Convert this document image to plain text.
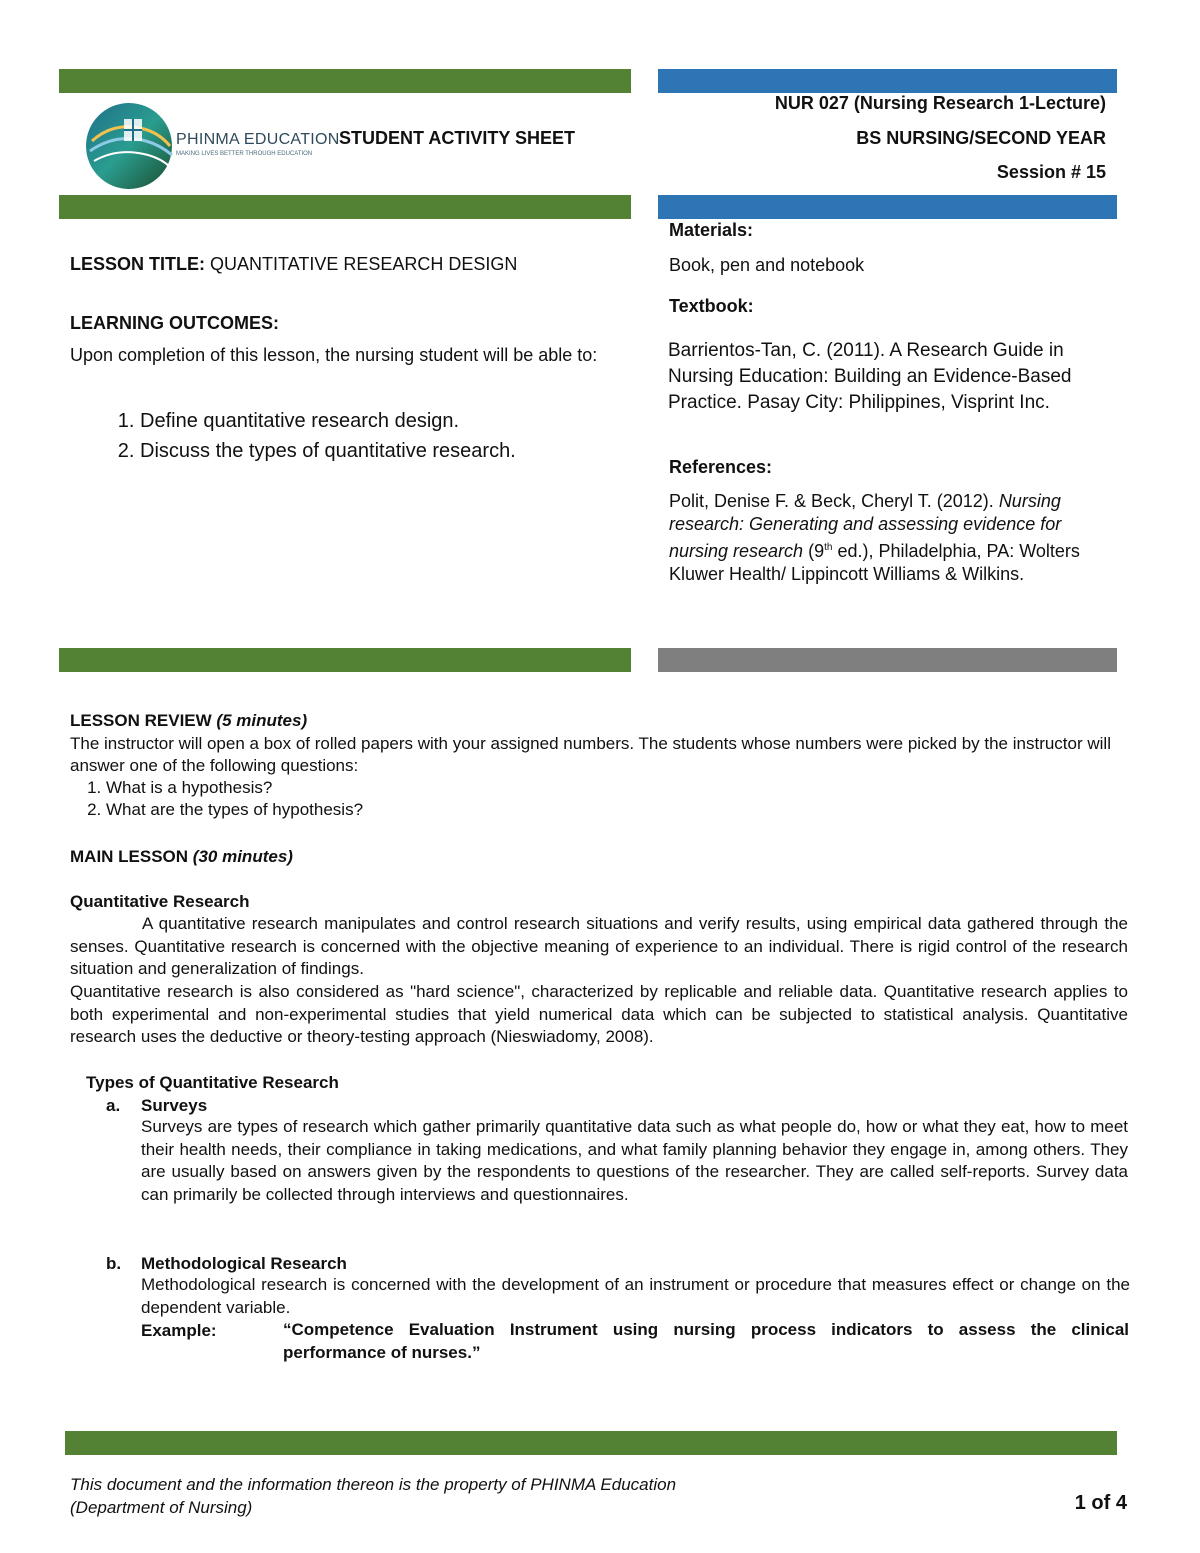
PHINMA EDUCATION
MAKING LIVES BETTER THROUGH EDUCATION
STUDENT ACTIVITY SHEET
NUR 027 (Nursing Research 1-Lecture)
BS NURSING/SECOND YEAR
Session # 15
LESSON TITLE: QUANTITATIVE RESEARCH DESIGN
LEARNING OUTCOMES:
Upon completion of this lesson, the nursing student will be able to:
1. Define quantitative research design.
2. Discuss the types of quantitative research.
Materials:
Book, pen and notebook
Textbook:
Barrientos-Tan, C. (2011). A Research Guide in Nursing Education: Building an Evidence-Based Practice. Pasay City: Philippines, Visprint Inc.
References:
Polit, Denise F. & Beck, Cheryl T. (2012). Nursing research: Generating and assessing evidence for nursing research (9th ed.), Philadelphia, PA: Wolters Kluwer Health/ Lippincott Williams & Wilkins.
LESSON REVIEW (5 minutes)
The instructor will open a box of rolled papers with your assigned numbers. The students whose numbers were picked by the instructor will answer one of the following questions:
1. What is a hypothesis?
2. What are the types of hypothesis?
MAIN LESSON (30 minutes)
Quantitative Research
A quantitative research manipulates and control research situations and verify results, using empirical data gathered through the senses. Quantitative research is concerned with the objective meaning of experience to an individual. There is rigid control of the research situation and generalization of findings.
Quantitative research is also considered as "hard science", characterized by replicable and reliable data. Quantitative research applies to both experimental and non-experimental studies that yield numerical data which can be subjected to statistical analysis. Quantitative research uses the deductive or theory-testing approach (Nieswiadomy, 2008).
Types of Quantitative Research
a. Surveys
Surveys are types of research which gather primarily quantitative data such as what people do, how or what they eat, how to meet their health needs, their compliance in taking medications, and what family planning behavior they engage in, among others. They are usually based on answers given by the respondents to questions of the researcher. They are called self-reports. Survey data can primarily be collected through interviews and questionnaires.
b. Methodological Research
Methodological research is concerned with the development of an instrument or procedure that measures effect or change on the dependent variable.
Example:	“Competence Evaluation Instrument using nursing process indicators to assess the clinical performance of nurses.”
This document and the information thereon is the property of PHINMA Education (Department of Nursing)	1 of 4
